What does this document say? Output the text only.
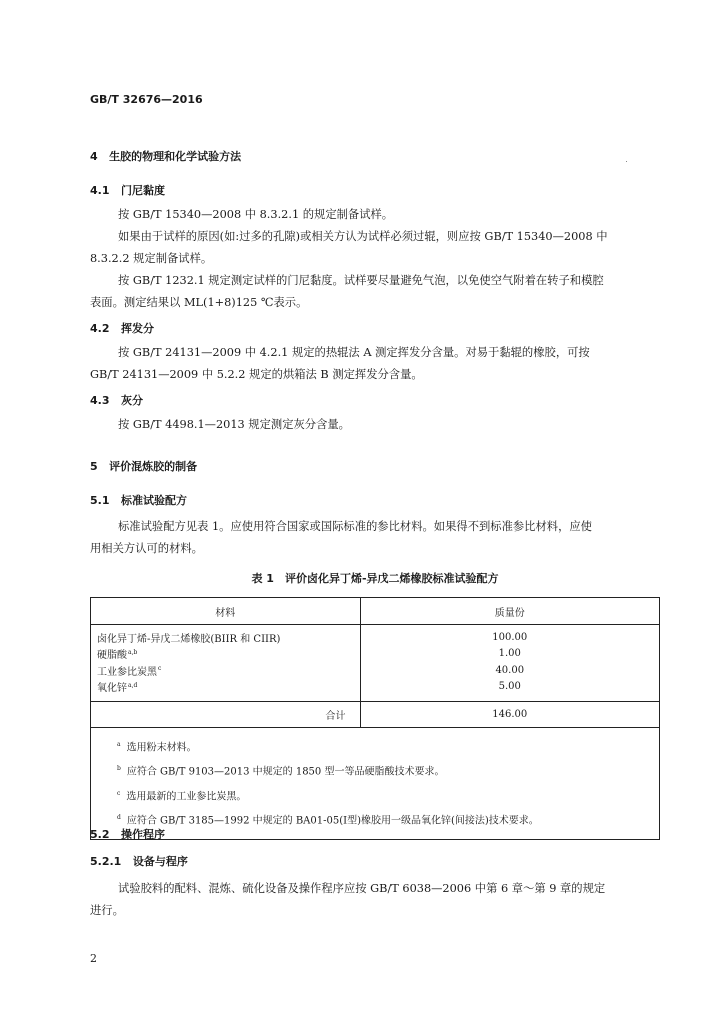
GB/T 32676—2016
4 生胶的物理和化学试验方法
4.1 门尼黏度
按 GB/T 15340—2008 中 8.3.2.1 的规定制备试样。
如果由于试样的原因(如:过多的孔隙)或相关方认为试样必须过辊，则应按 GB/T 15340—2008 中
8.3.2.2 规定制备试样。
按 GB/T 1232.1 规定测定试样的门尼黏度。试样要尽量避免气泡，以免使空气附着在转子和模腔
表面。测定结果以 ML(1+8)125 ℃表示。
4.2 挥发分
按 GB/T 24131—2009 中 4.2.1 规定的热辊法 A 测定挥发分含量。对易于黏辊的橡胶，可按
GB/T 24131—2009 中 5.2.2 规定的烘箱法 B 测定挥发分含量。
4.3 灰分
按 GB/T 4498.1—2013 规定测定灰分含量。
5 评价混炼胶的制备
5.1 标准试验配方
标准试验配方见表 1。应使用符合国家或国际标准的参比材料。如果得不到标准参比材料，应使
用相关方认可的材料。
表 1　评价卤化异丁烯-异戊二烯橡胶标准试验配方
材料	质量份
卤化异丁烯-异戊二烯橡胶(BIIR 和 CIIR)	100.00
硬脂酸$^{a,b}$	1.00
工业参比炭黑$^c$	40.00
氧化锌$^{a,d}$	5.00
合计	146.00

$^a$ 选用粉末材料。
$^b$ 应符合 GB/T 9103—2013 中规定的 1850 型一等品硬脂酸技术要求。
$^c$ 选用最新的工业参比炭黑。
$^d$ 应符合 GB/T 3185—1992 中规定的 BA01-05(Ⅰ型)橡胶用一级品氧化锌(间接法)技术要求。	
5.2 操作程序
5.2.1 设备与程序
试验胶料的配料、混炼、硫化设备及操作程序应按 GB/T 6038—2006 中第 6 章～第 9 章的规定
进行。
2
